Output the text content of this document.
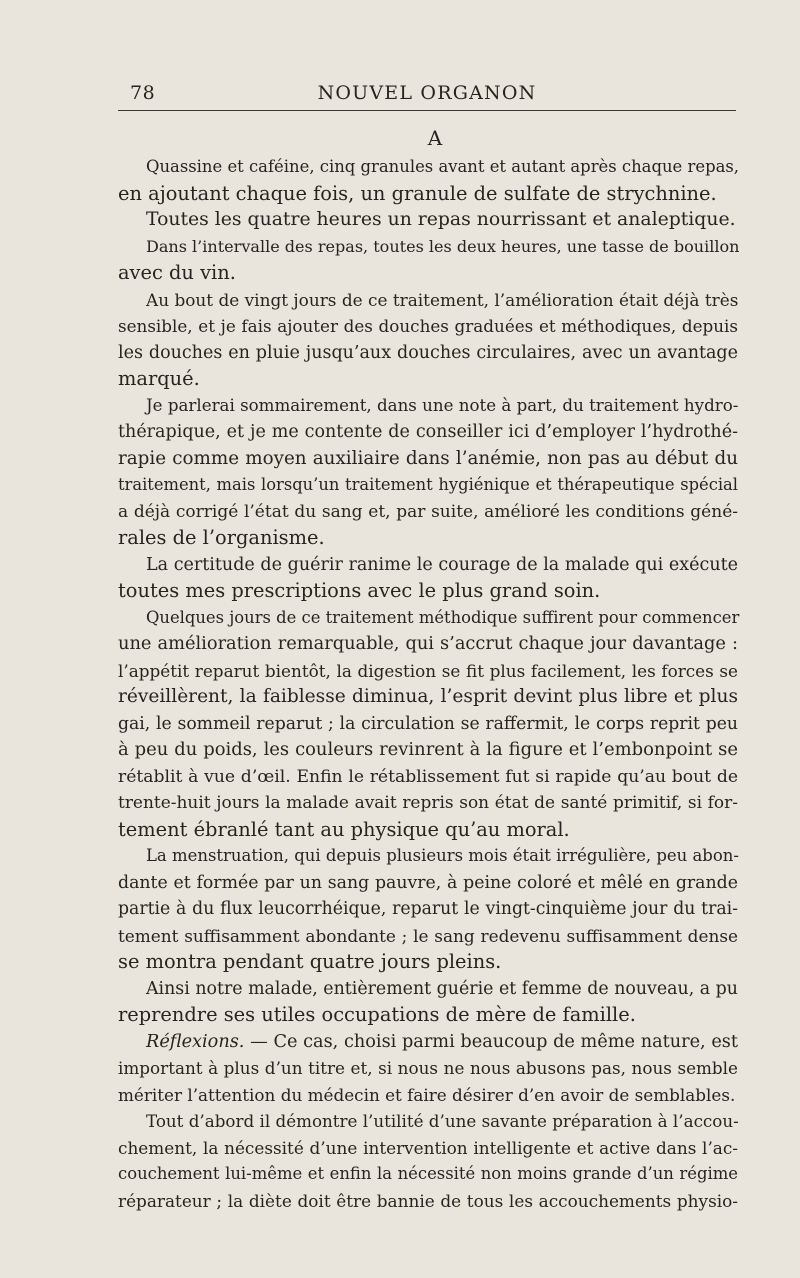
78	NOUVEL ORGANON
A
Quassine et caféine, cinq granules avant et autant après chaque repas,
en ajoutant chaque fois, un granule de sulfate de strychnine.
Toutes les quatre heures un repas nourrissant et analeptique.
Dans l’intervalle des repas, toutes les deux heures, une tasse de bouillon
avec du vin.
Au bout de vingt jours de ce traitement, l’amélioration était déjà très
sensible, et je fais ajouter des douches graduées et méthodiques, depuis
les douches en pluie jusqu’aux douches circulaires, avec un avantage
marqué.
Je parlerai sommairement, dans une note à part, du traitement hydro-
thérapique, et je me contente de conseiller ici d’employer l’hydrothé-
rapie comme moyen auxiliaire dans l’anémie, non pas au début du
traitement, mais lorsqu’un traitement hygiénique et thérapeutique spécial
a déjà corrigé l’état du sang et, par suite, amélioré les conditions géné-
rales de l’organisme.
La certitude de guérir ranime le courage de la malade qui exécute
toutes mes prescriptions avec le plus grand soin.
Quelques jours de ce traitement méthodique suffirent pour commencer
une amélioration remarquable, qui s’accrut chaque jour davantage :
l’appétit reparut bientôt, la digestion se fit plus facilement, les forces se
réveillèrent, la faiblesse diminua, l’esprit devint plus libre et plus
gai, le sommeil reparut ; la circulation se raffermit, le corps reprit peu
à peu du poids, les couleurs revinrent à la figure et l’embonpoint se
rétablit à vue d’œil. Enfin le rétablissement fut si rapide qu’au bout de
trente-huit jours la malade avait repris son état de santé primitif, si for-
tement ébranlé tant au physique qu’au moral.
La menstruation, qui depuis plusieurs mois était irrégulière, peu abon-
dante et formée par un sang pauvre, à peine coloré et mêlé en grande
partie à du flux leucorrhéique, reparut le vingt-cinquième jour du trai-
tement suffisamment abondante ; le sang redevenu suffisamment dense
se montra pendant quatre jours pleins.
Ainsi notre malade, entièrement guérie et femme de nouveau, a pu
reprendre ses utiles occupations de mère de famille.
Réflexions. — Ce cas, choisi parmi beaucoup de même nature, est
important à plus d’un titre et, si nous ne nous abusons pas, nous semble
mériter l’attention du médecin et faire désirer d’en avoir de semblables.
Tout d’abord il démontre l’utilité d’une savante préparation à l’accou-
chement, la nécessité d’une intervention intelligente et active dans l’ac-
couchement lui-même et enfin la nécessité non moins grande d’un régime
réparateur ; la diète doit être bannie de tous les accouchements physio-
